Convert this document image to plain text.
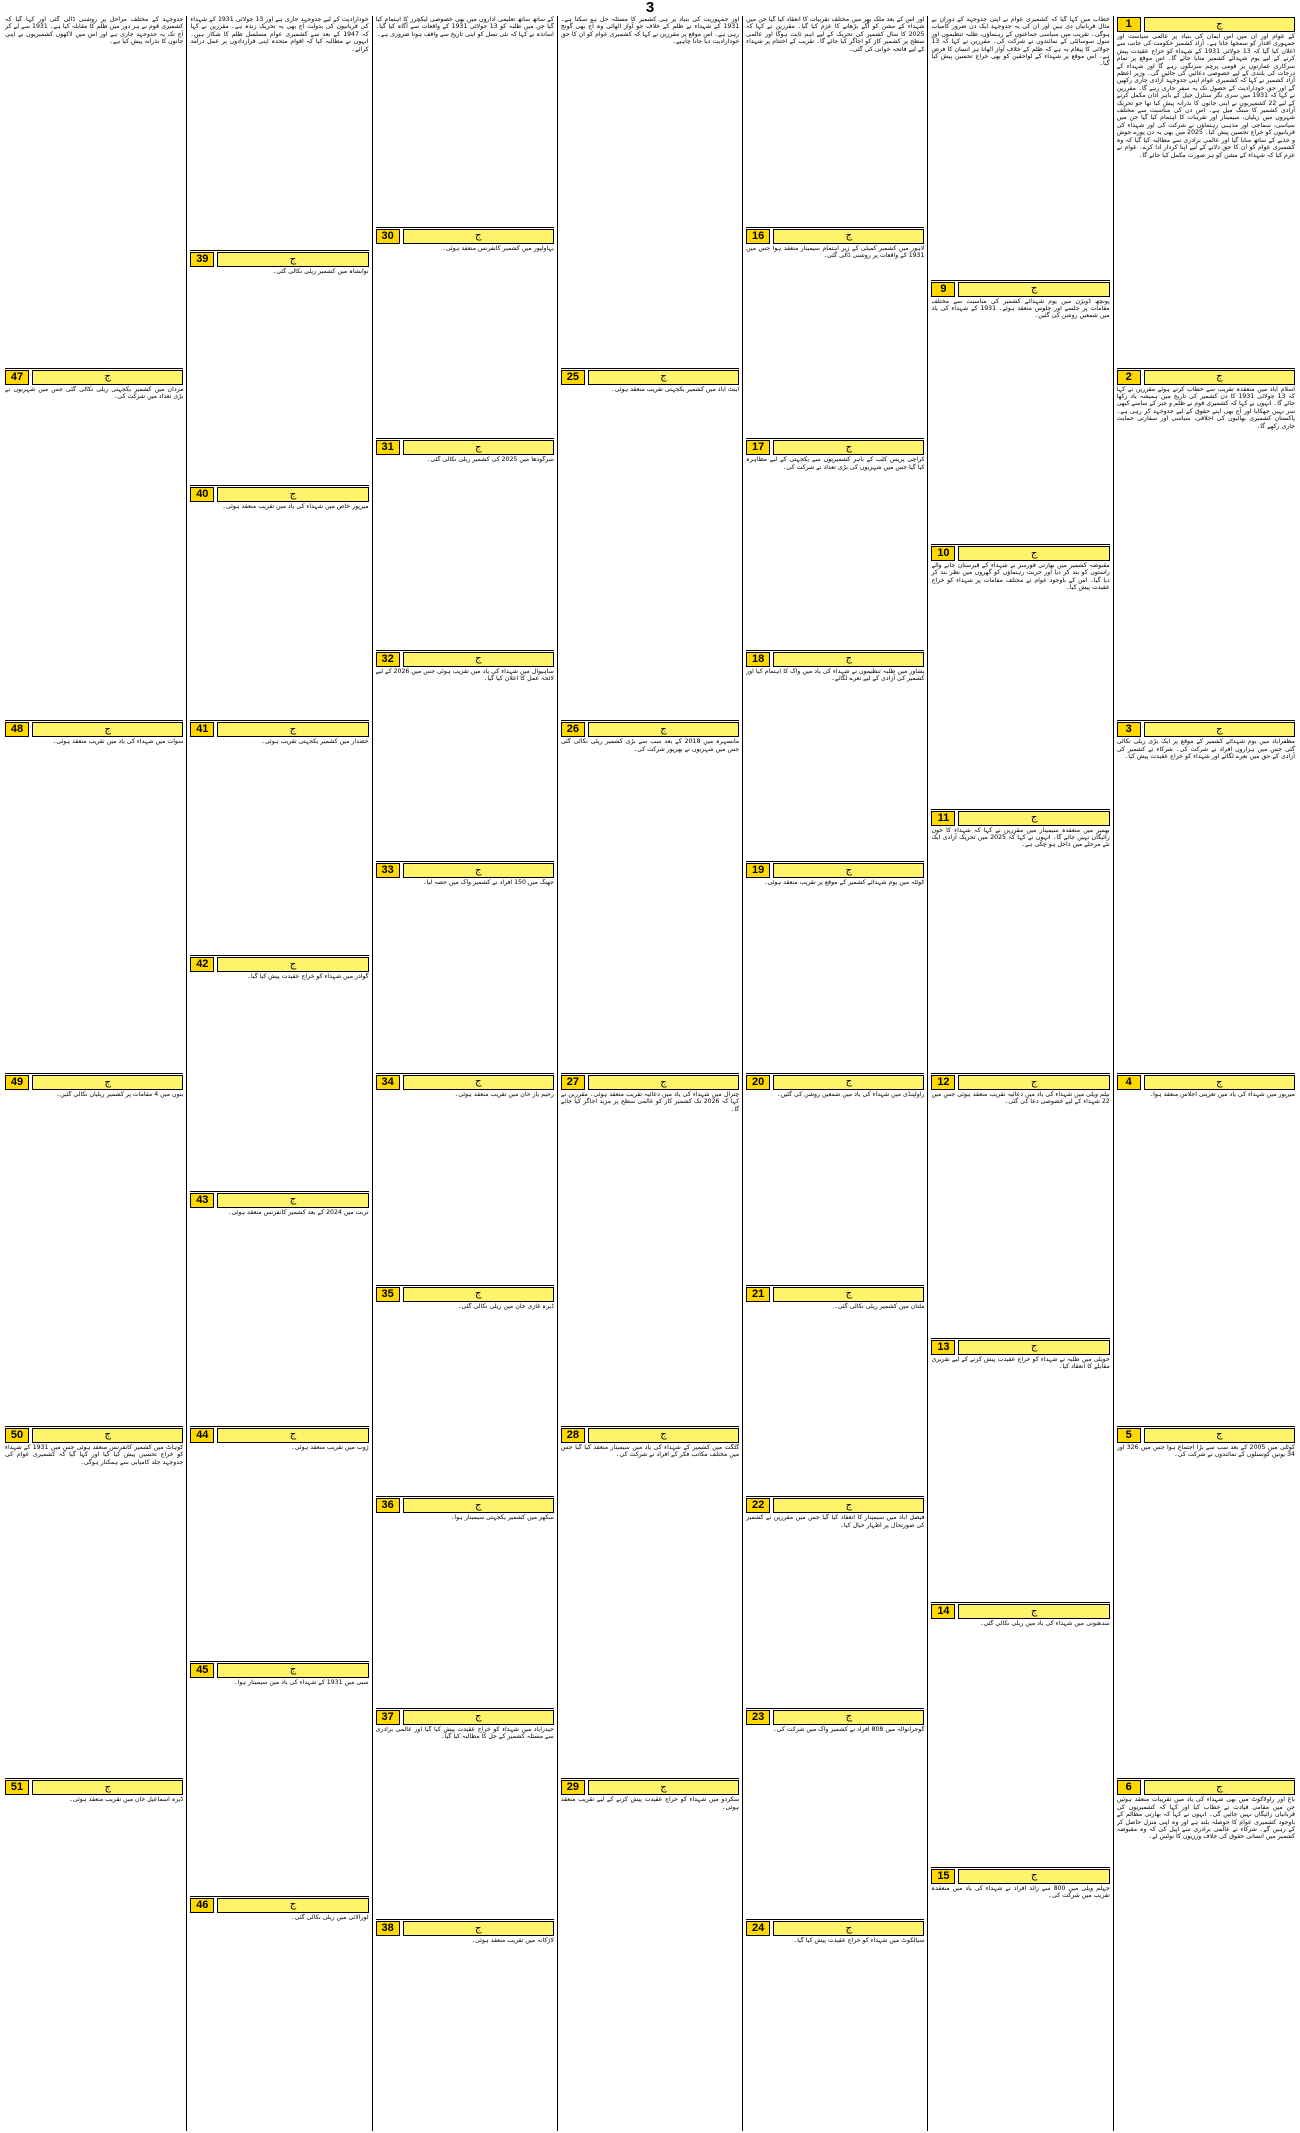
3
1	ج
کے عوام اور ان میں اس ایمان کی بنیاد پر عالمی سیاست اور جمہوری اقدار کو سمجھا جاتا ہے۔ آزاد کشمیر حکومت کی جانب سے اعلان کیا گیا کہ 13 جولائی 1931 کے شہداء کو خراج عقیدت پیش کرنے کے لیے یوم شہدائے کشمیر منایا جائے گا۔ اس موقع پر تمام سرکاری عمارتوں پر قومی پرچم سرنگوں رہے گا اور شہداء کے درجات کی بلندی کے لیے خصوصی دعائیں کی جائیں گی۔ وزیر اعظم آزاد کشمیر نے کہا کہ کشمیری عوام اپنی جدوجہد آزادی جاری رکھیں گے اور حق خودارادیت کے حصول تک یہ سفر جاری رہے گا۔ مقررین نے کہا کہ 1931 میں سری نگر سنٹرل جیل کے باہر اذان مکمل کرنے کے لیے 22 کشمیریوں نے اپنی جانوں کا نذرانہ پیش کیا تھا جو تحریک آزادی کشمیر کا سنگ میل ہے۔ اس دن کی مناسبت سے مختلف شہروں میں ریلیاں، سیمینار اور تقریبات کا اہتمام کیا گیا جن میں سیاسی، سماجی اور مذہبی رہنماؤں نے شرکت کی اور شہداء کی قربانیوں کو خراج تحسین پیش کیا۔ 2025 میں بھی یہ دن پورے جوش و جذبے کے ساتھ منایا گیا اور عالمی برادری سے مطالبہ کیا گیا کہ وہ کشمیری عوام کو ان کا حق دلانے کے لیے اپنا کردار ادا کرے۔ عوام نے عزم کیا کہ شہداء کے مشن کو ہر صورت مکمل کیا جائے گا۔
2	ج
اسلام آباد میں منعقدہ تقریب سے خطاب کرتے ہوئے مقررین نے کہا کہ 13 جولائی 1931 کا دن کشمیر کی تاریخ میں ہمیشہ یاد رکھا جائے گا۔ انہوں نے کہا کہ کشمیری قوم نے ظلم و جبر کے سامنے کبھی سر نہیں جھکایا اور آج بھی اپنے حقوق کے لیے جدوجہد کر رہی ہے۔ پاکستان کشمیری بھائیوں کی اخلاقی، سیاسی اور سفارتی حمایت جاری رکھے گا۔
3	ج
مظفرآباد میں یوم شہدائے کشمیر کے موقع پر ایک بڑی ریلی نکالی گئی جس میں ہزاروں افراد نے شرکت کی۔ شرکاء نے کشمیر کی آزادی کے حق میں نعرے لگائے اور شہداء کو خراج عقیدت پیش کیا۔
4	ج
میرپور میں شہداء کی یاد میں تعزیتی اجلاس منعقد ہوا۔
5	ج
کوٹلی میں 2005 کے بعد سب سے بڑا اجتماع ہوا جس میں 326 اور 34 یونین کونسلوں کے نمائندوں نے شرکت کی۔
6	ج
باغ اور راولاکوٹ میں بھی شہداء کی یاد میں تقریبات منعقد ہوئیں جن میں مقامی قیادت نے خطاب کیا اور کہا کہ کشمیریوں کی قربانیاں رائیگاں نہیں جائیں گی۔ انہوں نے کہا کہ بھارتی مظالم کے باوجود کشمیری عوام کا حوصلہ بلند ہے اور وہ اپنی منزل حاصل کر کے رہیں گے۔ شرکاء نے عالمی برادری سے اپیل کی کہ وہ مقبوضہ کشمیر میں انسانی حقوق کی خلاف ورزیوں کا نوٹس لے۔
خطاب میں کہا گیا کہ کشمیری عوام نے اپنی جدوجہد کے دوران بے مثال قربانیاں دی ہیں اور ان کی یہ جدوجہد ایک دن ضرور کامیاب ہوگی۔ تقریب میں سیاسی جماعتوں کے رہنماؤں، طلبہ تنظیموں اور سول سوسائٹی کے نمائندوں نے شرکت کی۔ مقررین نے کہا کہ 13 جولائی کا پیغام یہ ہے کہ ظلم کے خلاف آواز اٹھانا ہر انسان کا فرض ہے۔ اس موقع پر شہداء کے لواحقین کو بھی خراج تحسین پیش کیا گیا۔
9	ج
پونچھ ڈویژن میں یوم شہدائے کشمیر کی مناسبت سے مختلف مقامات پر جلسے اور جلوس منعقد ہوئے۔ 1931 کے شہداء کی یاد میں شمعیں روشن کی گئیں۔
10	ج
مقبوضہ کشمیر میں بھارتی فورسز نے شہداء کے قبرستان جانے والے راستوں کو بند کر دیا اور حریت رہنماؤں کو گھروں میں نظر بند کر دیا گیا۔ اس کے باوجود عوام نے مختلف مقامات پر شہداء کو خراج عقیدت پیش کیا۔
11	ج
بھمبر میں منعقدہ سیمینار میں مقررین نے کہا کہ شہداء کا خون رائیگاں نہیں جائے گا۔ انہوں نے کہا کہ 2025 میں تحریک آزادی ایک نئے مرحلے میں داخل ہو چکی ہے۔
12	ج
نیلم ویلی میں شہداء کی یاد میں دعائیہ تقریب منعقد ہوئی جس میں 22 شہداء کے لیے خصوصی دعا کی گئی۔
13	ج
حویلی میں طلبہ نے شہداء کو خراج عقیدت پیش کرنے کے لیے تقریری مقابلے کا انعقاد کیا۔
14	ج
سدھنوتی میں شہداء کی یاد میں ریلی نکالی گئی۔
15	ج
جہلم ویلی میں 800 سے زائد افراد نے شہداء کی یاد میں منعقدہ تقریب میں شرکت کی۔
اور اس کے بعد ملک بھر میں مختلف تقریبات کا انعقاد کیا گیا جن میں شہداء کے مشن کو آگے بڑھانے کا عزم کیا گیا۔ مقررین نے کہا کہ 2025 کا سال کشمیر کی تحریک کے لیے اہم ثابت ہوگا اور عالمی سطح پر کشمیر کاز کو اجاگر کیا جائے گا۔ تقریب کے اختتام پر شہداء کے لیے فاتحہ خوانی کی گئی۔
16	ج
لاہور میں کشمیر کمیٹی کے زیر اہتمام سیمینار منعقد ہوا جس میں 1931 کے واقعات پر روشنی ڈالی گئی۔
17	ج
کراچی پریس کلب کے باہر کشمیریوں سے یکجہتی کے لیے مظاہرہ کیا گیا جس میں شہریوں کی بڑی تعداد نے شرکت کی۔
18	ج
پشاور میں طلبہ تنظیموں نے شہداء کی یاد میں واک کا اہتمام کیا اور کشمیر کی آزادی کے لیے نعرے لگائے۔
19	ج
کوئٹہ میں یوم شہدائے کشمیر کے موقع پر تقریب منعقد ہوئی۔
20	ج
راولپنڈی میں شہداء کی یاد میں شمعیں روشن کی گئیں۔
21	ج
ملتان میں کشمیر ریلی نکالی گئی۔
22	ج
فیصل آباد میں سیمینار کا انعقاد کیا گیا جس میں مقررین نے کشمیر کی صورتحال پر اظہار خیال کیا۔
23	ج
گوجرانوالہ میں 808 افراد نے کشمیر واک میں شرکت کی۔
24	ج
سیالکوٹ میں شہداء کو خراج عقیدت پیش کیا گیا۔
اور جمہوریت کی بنیاد پر ہی کشمیر کا مسئلہ حل ہو سکتا ہے۔ 1931 کے شہداء نے ظلم کے خلاف جو آواز اٹھائی وہ آج بھی گونج رہی ہے۔ اس موقع پر مقررین نے کہا کہ کشمیری عوام کو ان کا حق خودارادیت دیا جانا چاہیے۔
25	ج
ایبٹ آباد میں کشمیر یکجہتی تقریب منعقد ہوئی۔
26	ج
مانسہرہ میں 2018 کے بعد سب سے بڑی کشمیر ریلی نکالی گئی جس میں شہریوں نے بھرپور شرکت کی۔
27	ج
چترال میں شہداء کی یاد میں دعائیہ تقریب منعقد ہوئی۔ مقررین نے کہا کہ 2026 تک کشمیر کاز کو عالمی سطح پر مزید اجاگر کیا جائے گا۔
28	ج
گلگت میں کشمیر کے شہداء کی یاد میں سیمینار منعقد کیا گیا جس میں مختلف مکاتب فکر کے افراد نے شرکت کی۔
29	ج
سکردو میں شہداء کو خراج عقیدت پیش کرنے کے لیے تقریب منعقد ہوئی۔
کے ساتھ ساتھ تعلیمی اداروں میں بھی خصوصی لیکچرز کا اہتمام کیا گیا جن میں طلبہ کو 13 جولائی 1931 کے واقعات سے آگاہ کیا گیا۔ اساتذہ نے کہا کہ نئی نسل کو اپنی تاریخ سے واقف ہونا ضروری ہے۔
30	ج
بہاولپور میں کشمیر کانفرنس منعقد ہوئی۔
31	ج
سرگودھا میں 2025 کی کشمیر ریلی نکالی گئی۔
32	ج
ساہیوال میں شہداء کی یاد میں تقریب ہوئی جس میں 2026 کے لیے لائحہ عمل کا اعلان کیا گیا۔
33	ج
جھنگ میں 150 افراد نے کشمیر واک میں حصہ لیا۔
34	ج
رحیم یار خان میں تقریب منعقد ہوئی۔
35	ج
ڈیرہ غازی خان میں ریلی نکالی گئی۔
36	ج
سکھر میں کشمیر یکجہتی سیمینار ہوا۔
37	ج
حیدرآباد میں شہداء کو خراج عقیدت پیش کیا گیا اور عالمی برادری سے مسئلہ کشمیر کے حل کا مطالبہ کیا گیا۔
38	ج
لاڑکانہ میں تقریب منعقد ہوئی۔
خودارادیت کے لیے جدوجہد جاری ہے اور 13 جولائی 1931 کے شہداء کی قربانیوں کی بدولت آج بھی یہ تحریک زندہ ہے۔ مقررین نے کہا کہ 1947 کے بعد سے کشمیری عوام مسلسل ظلم کا شکار ہیں۔ انہوں نے مطالبہ کیا کہ اقوام متحدہ اپنی قراردادوں پر عمل درآمد کرائے۔
39	ج
نوابشاہ میں کشمیر ریلی نکالی گئی۔
40	ج
میرپور خاص میں شہداء کی یاد میں تقریب منعقد ہوئی۔
41	ج
خضدار میں کشمیر یکجہتی تقریب ہوئی۔
42	ج
گوادر میں شہداء کو خراج عقیدت پیش کیا گیا۔
43	ج
تربت میں 2024 کے بعد کشمیر کانفرنس منعقد ہوئی۔
44	ج
ژوب میں تقریب منعقد ہوئی۔
45	ج
سبی میں 1931 کے شہداء کی یاد میں سیمینار ہوا۔
46	ج
لورالائی میں ریلی نکالی گئی۔
جدوجہد کے مختلف مراحل پر روشنی ڈالی گئی اور کہا گیا کہ کشمیری قوم نے ہر دور میں ظلم کا مقابلہ کیا ہے۔ 1931 سے لے کر آج تک یہ جدوجہد جاری ہے اور اس میں لاکھوں کشمیریوں نے اپنی جانوں کا نذرانہ پیش کیا ہے۔
47	ج
مردان میں کشمیر یکجہتی ریلی نکالی گئی جس میں شہریوں نے بڑی تعداد میں شرکت کی۔
48	ج
سوات میں شہداء کی یاد میں تقریب منعقد ہوئی۔
49	ج
بنوں میں 4 مقامات پر کشمیر ریلیاں نکالی گئیں۔
50	ج
کوہاٹ میں کشمیر کانفرنس منعقد ہوئی جس میں 1931 کے شہداء کو خراج تحسین پیش کیا گیا اور کہا گیا کہ کشمیری عوام کی جدوجہد جلد کامیابی سے ہمکنار ہوگی۔
51	ج
ڈیرہ اسماعیل خان میں تقریب منعقد ہوئی۔
